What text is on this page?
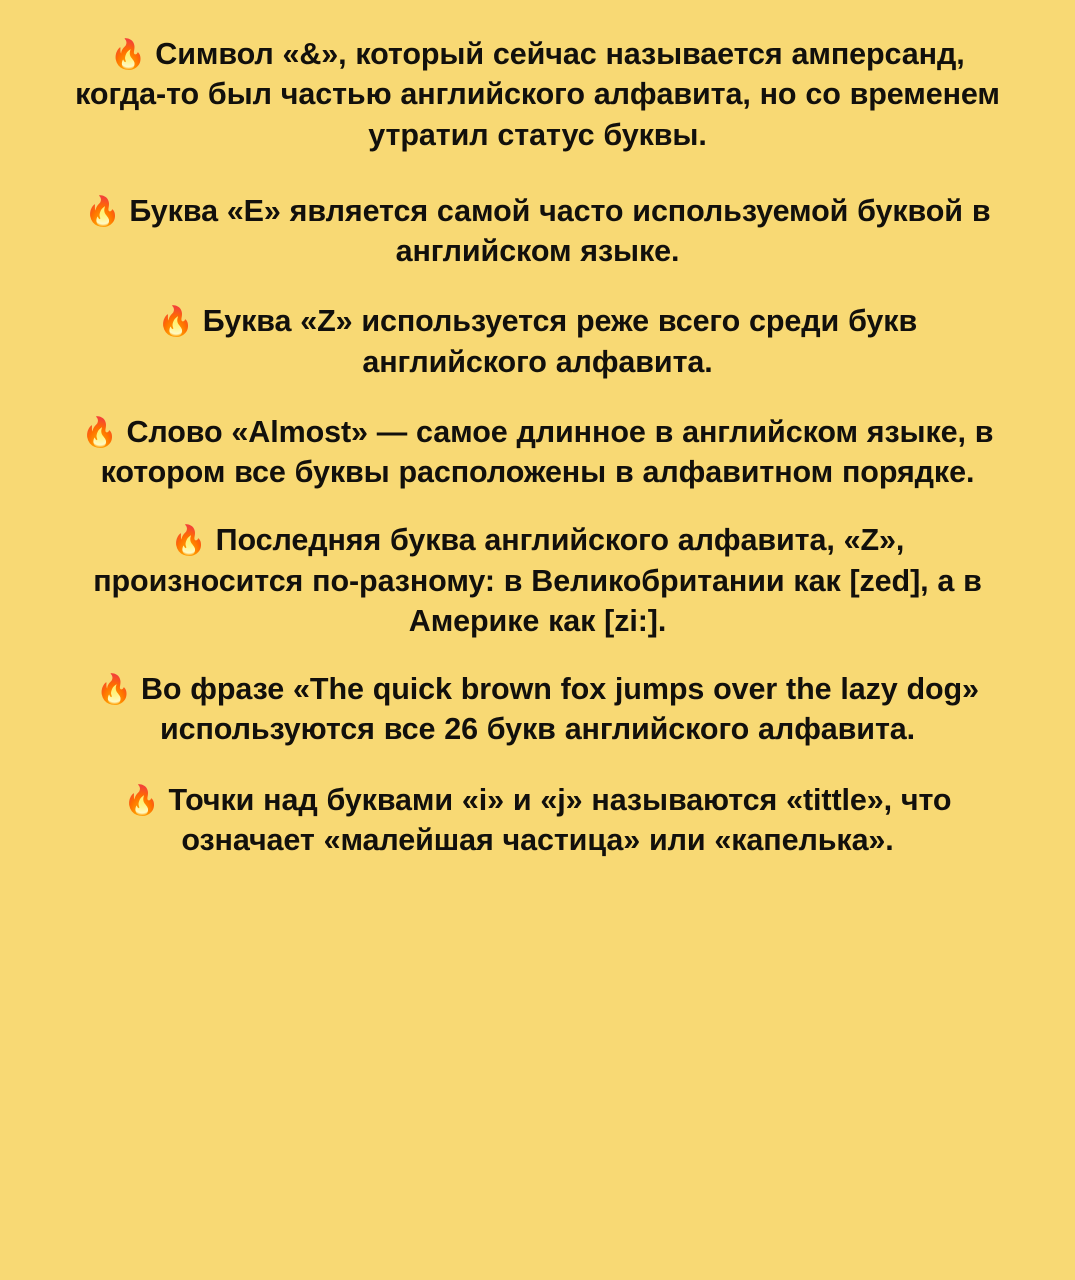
🔥 Символ «&», который сейчас называется амперсанд, когда-то был частью английского алфавита, но со временем утратил статус буквы.

🔥 Буква «E» является самой часто используемой буквой в английском языке.

🔥 Буква «Z» используется реже всего среди букв английского алфавита.

🔥 Слово «Almost» — самое длинное в английском языке, в котором все буквы расположены в алфавитном порядке.

🔥 Последняя буква английского алфавита, «Z», произносится по-разному: в Великобритании как [zed], а в Америке как [zi:].

🔥 Во фразе «The quick brown fox jumps over the lazy dog» используются все 26 букв английского алфавита.

🔥 Точки над буквами «i» и «j» называются «tittle», что означает «малейшая частица» или «капелька».
